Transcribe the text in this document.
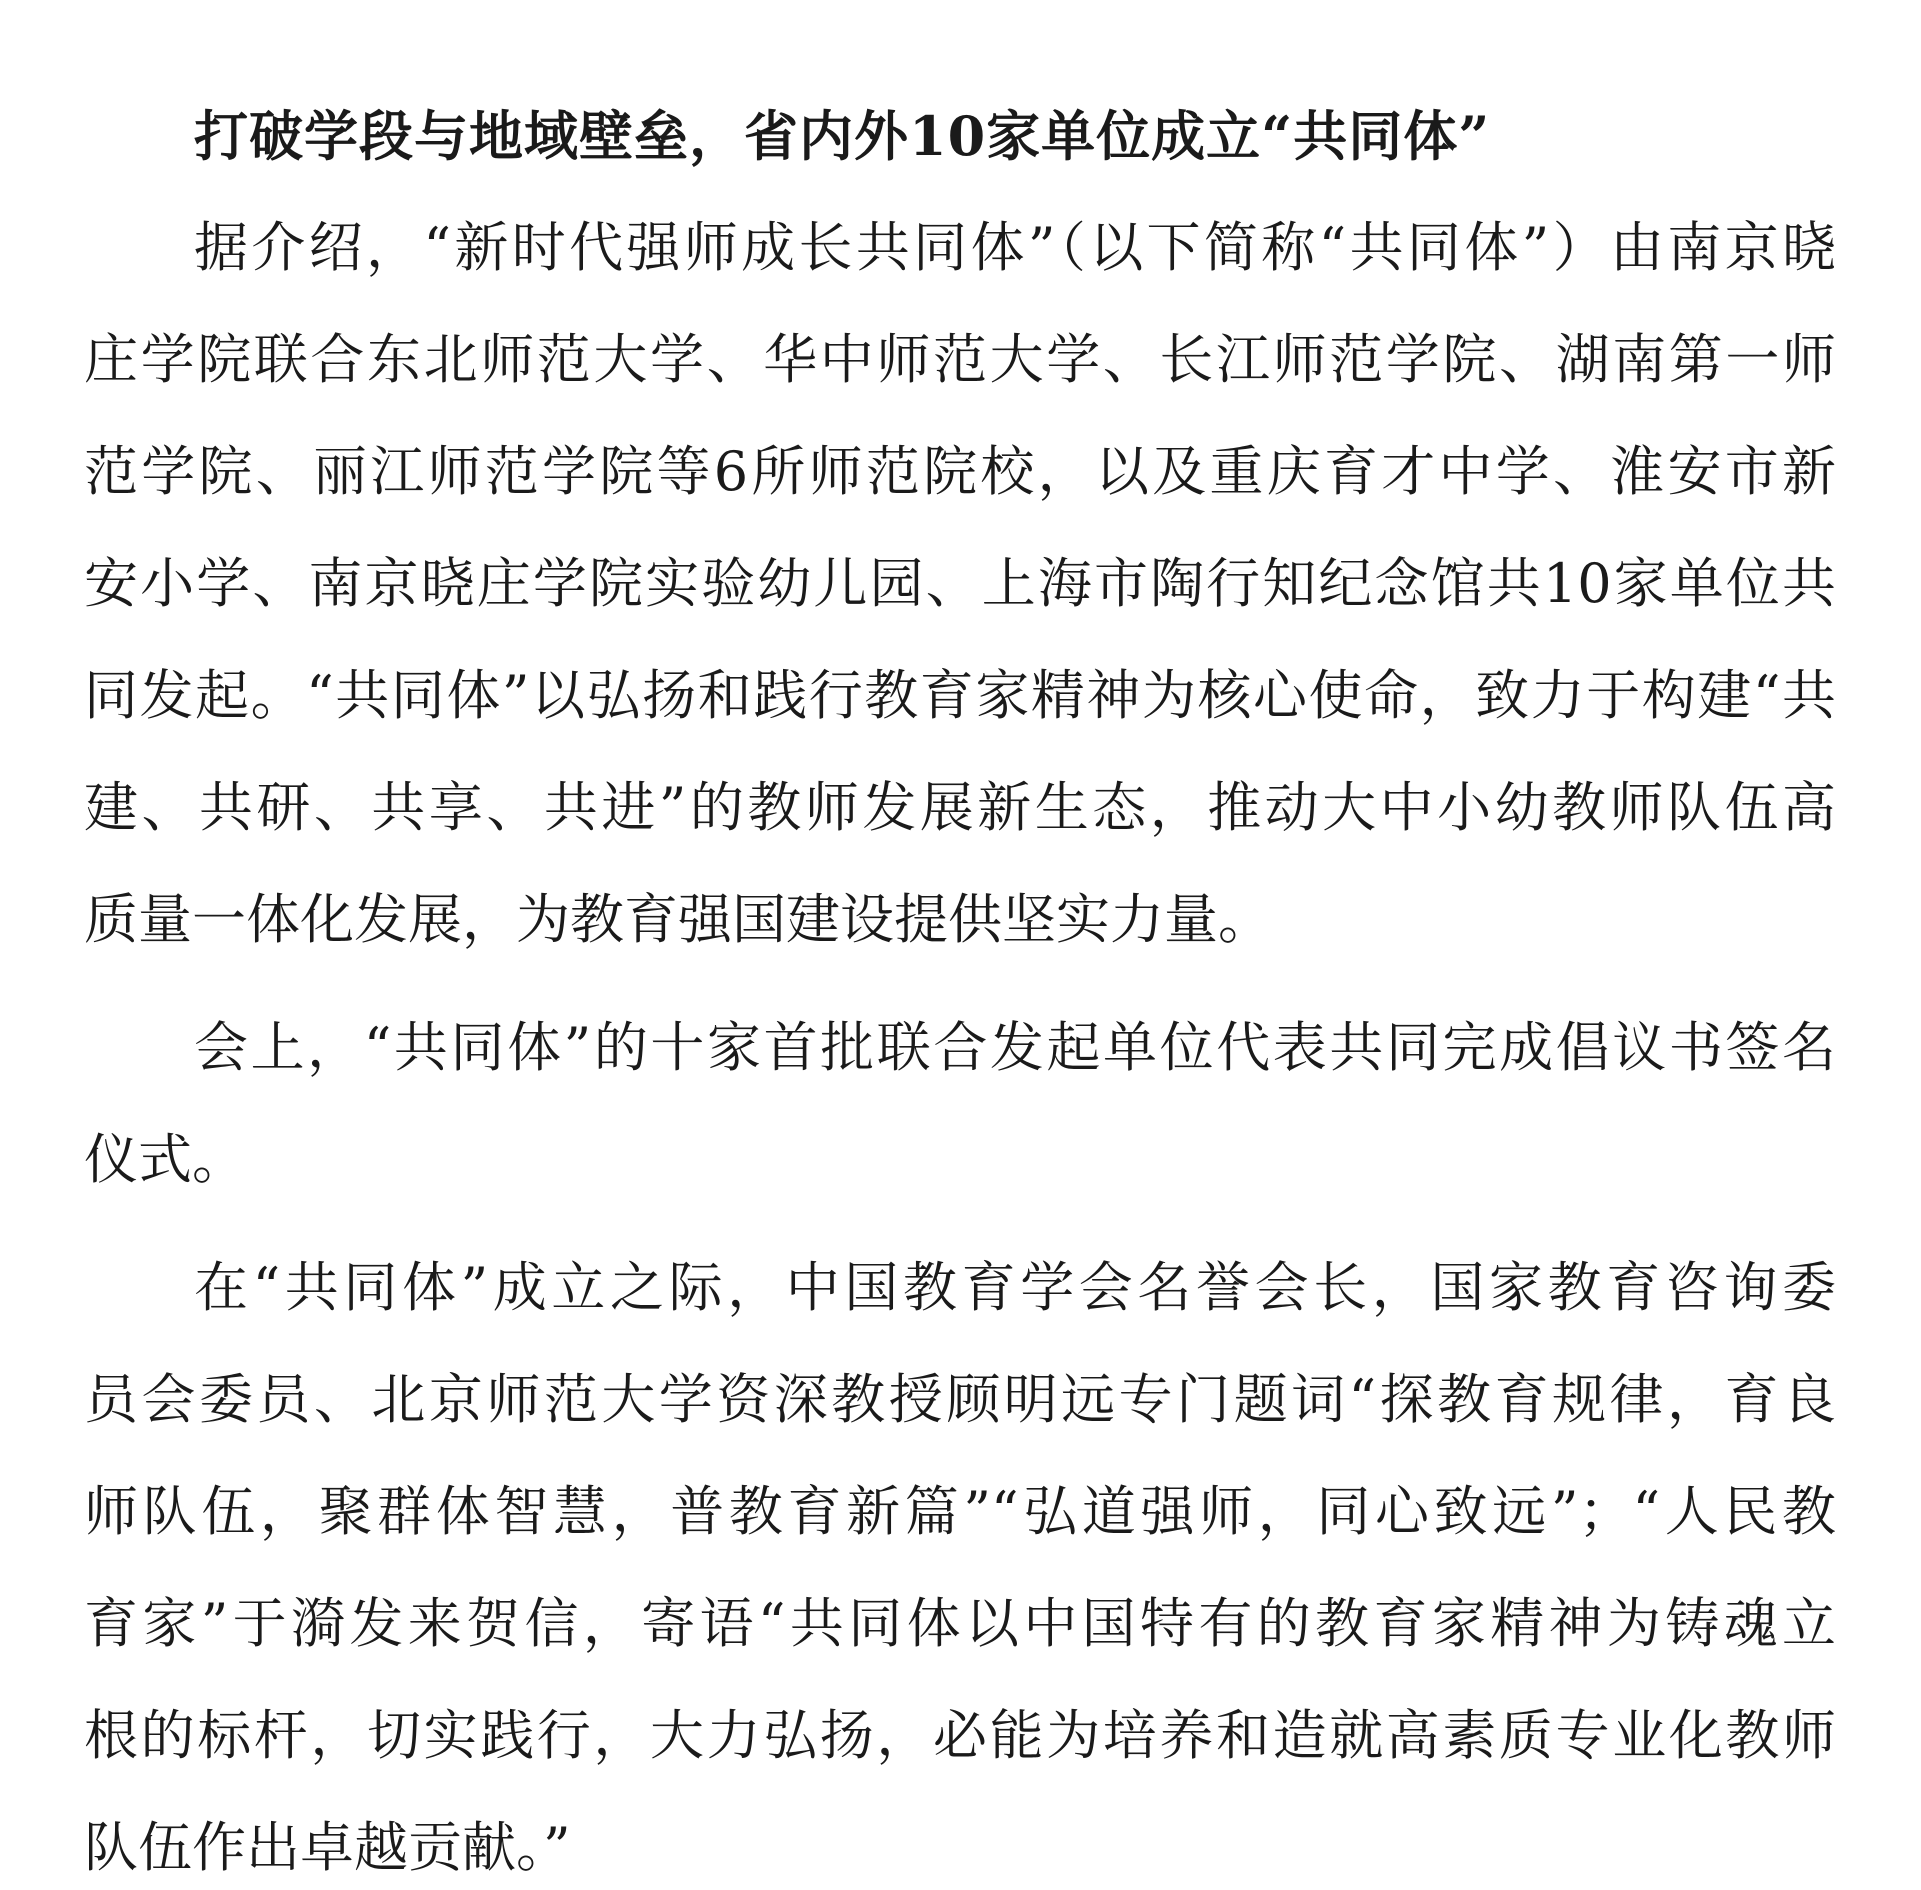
打破学段与地域壁垒，省内外10家单位成立“共同体”
据介绍，“新时代强师成长共同体”（以下简称“共同体”）由南京晓
庄学院联合东北师范大学、华中师范大学、长江师范学院、湖南第一师
范学院、丽江师范学院等6所师范院校，以及重庆育才中学、淮安市新
安小学、南京晓庄学院实验幼儿园、上海市陶行知纪念馆共10家单位共
同发起。“共同体”以弘扬和践行教育家精神为核心使命，致力于构建“共
建、共研、共享、共进”的教师发展新生态，推动大中小幼教师队伍高
质量一体化发展，为教育强国建设提供坚实力量。
会上，“共同体”的十家首批联合发起单位代表共同完成倡议书签名
仪式。
在“共同体”成立之际，中国教育学会名誉会长，国家教育咨询委
员会委员、北京师范大学资深教授顾明远专门题词“探教育规律，育良
师队伍，聚群体智慧，普教育新篇”“弘道强师，同心致远”；“人民教
育家”于漪发来贺信，寄语“共同体以中国特有的教育家精神为铸魂立
根的标杆，切实践行，大力弘扬，必能为培养和造就高素质专业化教师
队伍作出卓越贡献。”
